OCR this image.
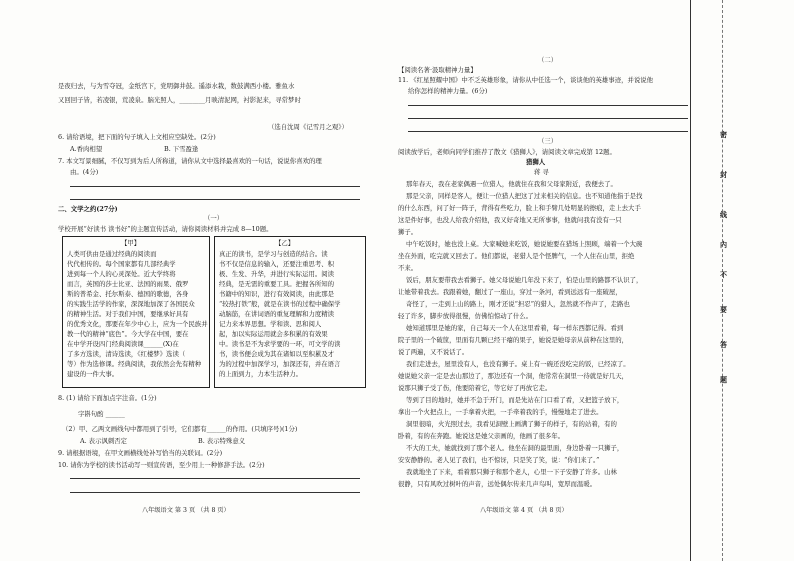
是夜归去，与为雪夺冠，金纸宫下，党明御井鼓。遥添水栽，数鼓满西小楼。雅鱼水
又回回子皆，若凌银，荒凌泉。脑光照人，________月映清泥网，衬影泥来，寻常梦时
（选自沈周《记雪月之观》）
6. 请给语境，把下面的句子填入上文相应空缺处。(2分)
A.香肉相望	B. 下雪盈逢
7. 本文写景细腻，不仅写到为后人所称道，请你从文中选择最喜欢的一句话，说说你喜欢的理
由。(4分)
二、文学之约(27分)
（一）
学校开展“好读书 读书好”的主题宣传活动，请你阅读材料并完成 8—10题。
【甲】
人类可供由是通过经典的阅读而
代代相传的。每个国家都有几部经典学
进到每一个人的心灵深处。近大学终将
而言，英国的莎士比亚、法国的雨果、俄罗
斯的普希金、托尔斯泰、德国的歌德，各身
的实践生活学的作家，深深地加深了各国民众
的精神生活。对于我们中国，要继承好具有
的优秀文化，那要在年少中心上，应为一个民族并
教一代的精神“底色”。今大学在中国，要在
在中学开设四门经典阅读课______(X)在
了多方选读，清诗选读，《红楼梦》选读（
等）作为选修课。经典阅读，我依然会先有精种
建设的一件大事。
【乙】
真正的读书，是学习与创造的结合。读
书不仅是信息的输入，还要注重思考、积
极、生发、升华，并进行实际运用。阅读
经典，是无需的重要工具。把握各所知的
书籍中的知识，进行有效阅读，由此那是
“较热打铁”般，就是在读书的过程中确保学
动脑筋，在讲词语的重复理解和力度精读
记力来本界思想。学和读、思和阅人
起，加以实际运用就会多积累的有效果
中。读书是不为求学要的一环，可文学的读
书，读书便会成为其在诸如以至积累及才
为的过程中加深学习，加深还有，并在语言
的上面到力，力本生活种力。
8. (1) 请给下面加点字注音。(1分)
字斟句酌 ______
（2）甲、乙两文画线句中都用到了引号，它们都有______的作用。(只填序号)(1分)
A. 表示讽刺否定	B. 表示特殊意义
9. 请根据语境，在甲文画横线处补写恰当的关联词。(2分)
10. 请你为学校的读书活动写一则宣传语，至少用上一种修辞手法。(2分)
八年级语文 第 3 页 （共 8 页）
（二）
【阅读名著·汲取精神力量】
11. 《红星照耀中国》中不乏英雄形象，请你从中任选一个，谈谈他的英雄事迹，并说说他
给你怎样的精神力量。(6分)
（三）
阅读放学后，老师向同学们推荐了散文《猎狮人》，请阅读文章完成第 12题。
猎狮人
蒋 寻
那年春天，我在老家偶遇一位猎人，他就住在我和父母家附近，我便去了。
那是父亲，同样是客人，便让一位猎人把这了过来相关的信息。也不知道他指于是找
的什么东西，问了好一阵子，背得有些吃力，脸上和手臂几处明显的擦痕，走上去大手
这是件好事，也没人给我介绍他，我又好奇地又无所事事，他就问我有没有一只
狮子。
中午吃饭时，她也没上桌。大家喊她来吃饭，她说她要在猎场上照顾，端着一个大碗
坐在外面，吃完就又回去了。他们都说，老猎人是个怪脾气，一个人住在山里，拒绝
不来。
饭后，朋友要带我去看狮子。她父母说她几年没下来了，怕是山里的路都不认识了，
让她带着我去。我跟着她，翻过了一座山，穿过一条河，看到远远有一座破屋，
奇怪了，一走到上山的路上，刚才还说“担忍”的猎人，忽然就不作声了，走路也
轻了许多，脚步放得很慢，仿佛怕惊动了什么。
她知道那里是她的家，自己每天一个人在这里看着，每一样东西都记得。看到
院子里的一个破筐，里面有几颗已经干瘪的果子，她说是她母亲从前种在这里的，
说了两遍，又不说话了。
我们走进去，屋里没有人，也没有狮子。桌上有一碗还没吃完的饭，已经凉了。
她说她父亲一定是去山那边了，那边还有一个洞，他常常在洞里一待就是好几天，
说那只狮子受了伤，他要陪着它，等它好了再放它走。
等到了目的地时，她并不急于开门，而是先站在门口看了看，又把篮子放下，
拿出一个火把点上，一手拿着火把，一手牵着我的手，慢慢地走了进去。
洞里很暗，火光照过去，我看见洞壁上画满了狮子的样子，有的站着，有的
卧着，有的在奔跑。她说这是她父亲画的，他画了很多年。
不大的工夫，她就找到了那个老人。他坐在洞的最里面，身边卧着一只狮子，
安安静静的。老人见了我们，也不惊讶，只是笑了笑，说：“你们来了。”
我就地坐了下来，看着那只狮子和那个老人，心里一下子安静了许多。山林
很静，只有风吹过树叶的声音，远处偶尔传来几声鸟叫，宽厚而温暖。
八年级语文 第 4 页 （共 8 页）
密
封
线
内
不
要
答
题
